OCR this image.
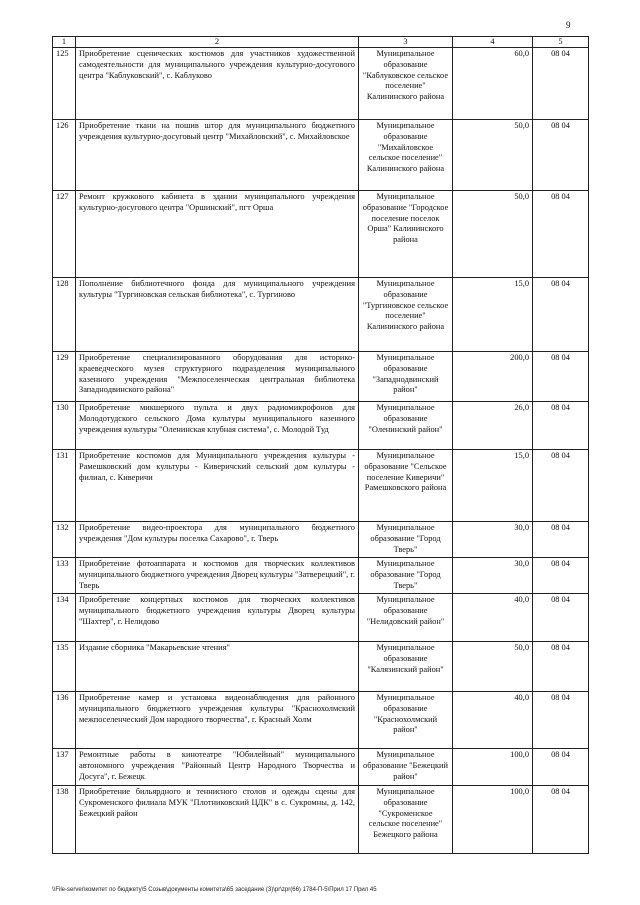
9
1	2	3	4	5
125	Приобретение сценических костюмов для участников художественной самодеятельности для муниципального учреждения культурно-досугового центра "Каблуковский", с. Каблуково	Муниципальное образование "Каблуковское сельское поселение" Калининского района	60,0	08 04
126	Приобретение ткани на пошив штор для муниципального бюджетного учреждения культурно-досуговый центр "Михайловский", с. Михайловское	Муниципальное образование "Михайловское сельское поселение" Калининского района	50,0	08 04
127	Ремонт кружкового кабинета в здании муниципального учреждения культурно-досугового центра "Оршинский", пгт Орша	Муниципальное образование "Городское поселение поселок Орша" Калининского района	50,0	08 04
128	Пополнение библиотечного фонда для муниципального учреждения культуры "Тургиновская сельская библиотека", с. Тургиново	Муниципальное образование "Тургиновское сельское поселение" Калининского района	15,0	08 04
129	Приобретение специализированного оборудования для историко-краеведческого музея структурного подразделения муниципального казенного учреждения "Межпоселенческая центральная библиотека Западнодвинского района"	Муниципальное образование "Западнодвинский район"	200,0	08 04
130	Приобретение микшерного пульта и двух радиомикрофонов для Молодотудского сельского Дома культуры муниципального казенного учреждения культуры "Оленинская клубная система", с. Молодой Туд	Муниципальное образование "Оленинский район"	26,0	08 04
131	Приобретение костюмов для Муниципального учреждения культуры - Рамешковский дом культуры - Киверичский сельский дом культуры - филиал, с. Киверичи	Муниципальное образование "Сельское поселение Киверичи" Рамешковского района	15,0	08 04
132	Приобретение видео-проектора для муниципального бюджетного учреждения "Дом культуры поселка Сахарово", г. Тверь	Муниципальное образование "Город Тверь"	30,0	08 04
133	Приобретение фотоаппарата и костюмов для творческих коллективов муниципального бюджетного учреждения Дворец культуры "Затверецкий", г. Тверь	Муниципальное образование "Город Тверь"	30,0	08 04
134	Приобретение концертных костюмов для творческих коллективов муниципального бюджетного учреждения культуры Дворец культуры "Шахтер", г. Нелидово	Муниципальное образование "Нелидовский район"	40,0	08 04
135	Издание сборника "Макарьевские чтения"	Муниципальное образование "Калязинский район"	50,0	08 04
136	Приобретение камер и установка видеонаблюдения для районного муниципального бюджетного учреждения культуры "Краснохолмский межпоселенческий Дом народного творчества", г. Красный Холм	Муниципальное образование "Краснохолмский район"	40,0	08 04
137	Ремонтные работы в кинотеатре "Юбилейный" муниципального автономного учреждения "Районный Центр Народного Творчества и Досуга", г. Бежецк	Муниципальное образование "Бежецкий район"	100,0	08 04
138	Приобретение бильярдного и теннисного столов и одежды сцены для Сукроменского филиала МУК "Плотниковский ЦДК" в с. Сукромны, д. 142, Бежецкий район	Муниципальное образование "Сукроменское сельское поселение" Бежецкого района	100,0	08 04
\\File-server\комитет по бюджету\5 Созыв\документы комитета\65 заседание (3)\pr\zpr(66) 1784-П-5\Прил 17 Прил 45
